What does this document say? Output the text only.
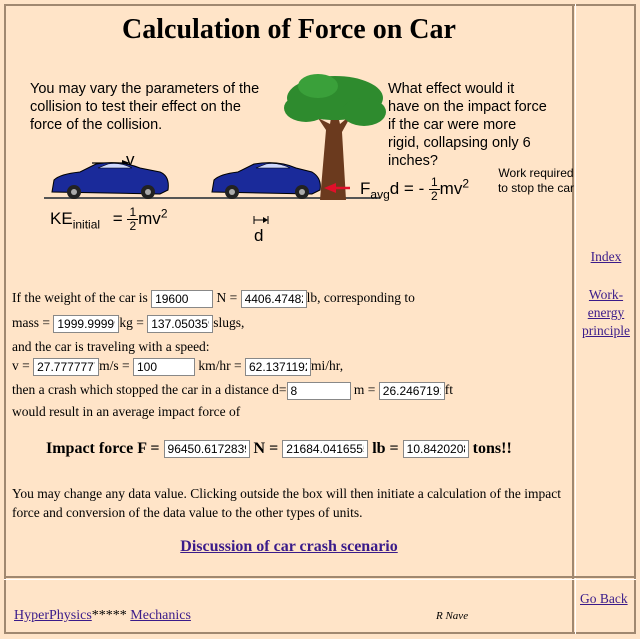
Calculation of Force on Car
You may vary the parameters of the collision to test their effect on the force of the collision.
What effect would it have on the impact force if the car were more rigid, collapsing only 6 inches?
v
$KE_{initial} = \frac{1}{2} mv^2$
d
$F_{avg}d$ = - $\frac{1}{2} mv^2$
Work required to stop the car
If the weight of the car is 19600	N = 4406.47482	lb, corresponding to
mass = 1999.99999	kg = 137.050359	slugs,
and the car is traveling with a speed:
v = 27.7777777	m/s = 100	km/hr = 62.1371192	mi/hr,
then a crash which stopped the car in a distance d=8	m = 26.2467191	ft
would result in an average impact force of
Impact force F = 96450.6172839	N = 21684.0416555	lb = 10.8420208	tons!!
You may change any data value. Clicking outside the box will then initiate a calculation of the impact force and conversion of the data value to the other types of units.
Discussion of car crash scenario
Index
Work-energy principle
Go Back
HyperPhysics***** Mechanics	R Nave
